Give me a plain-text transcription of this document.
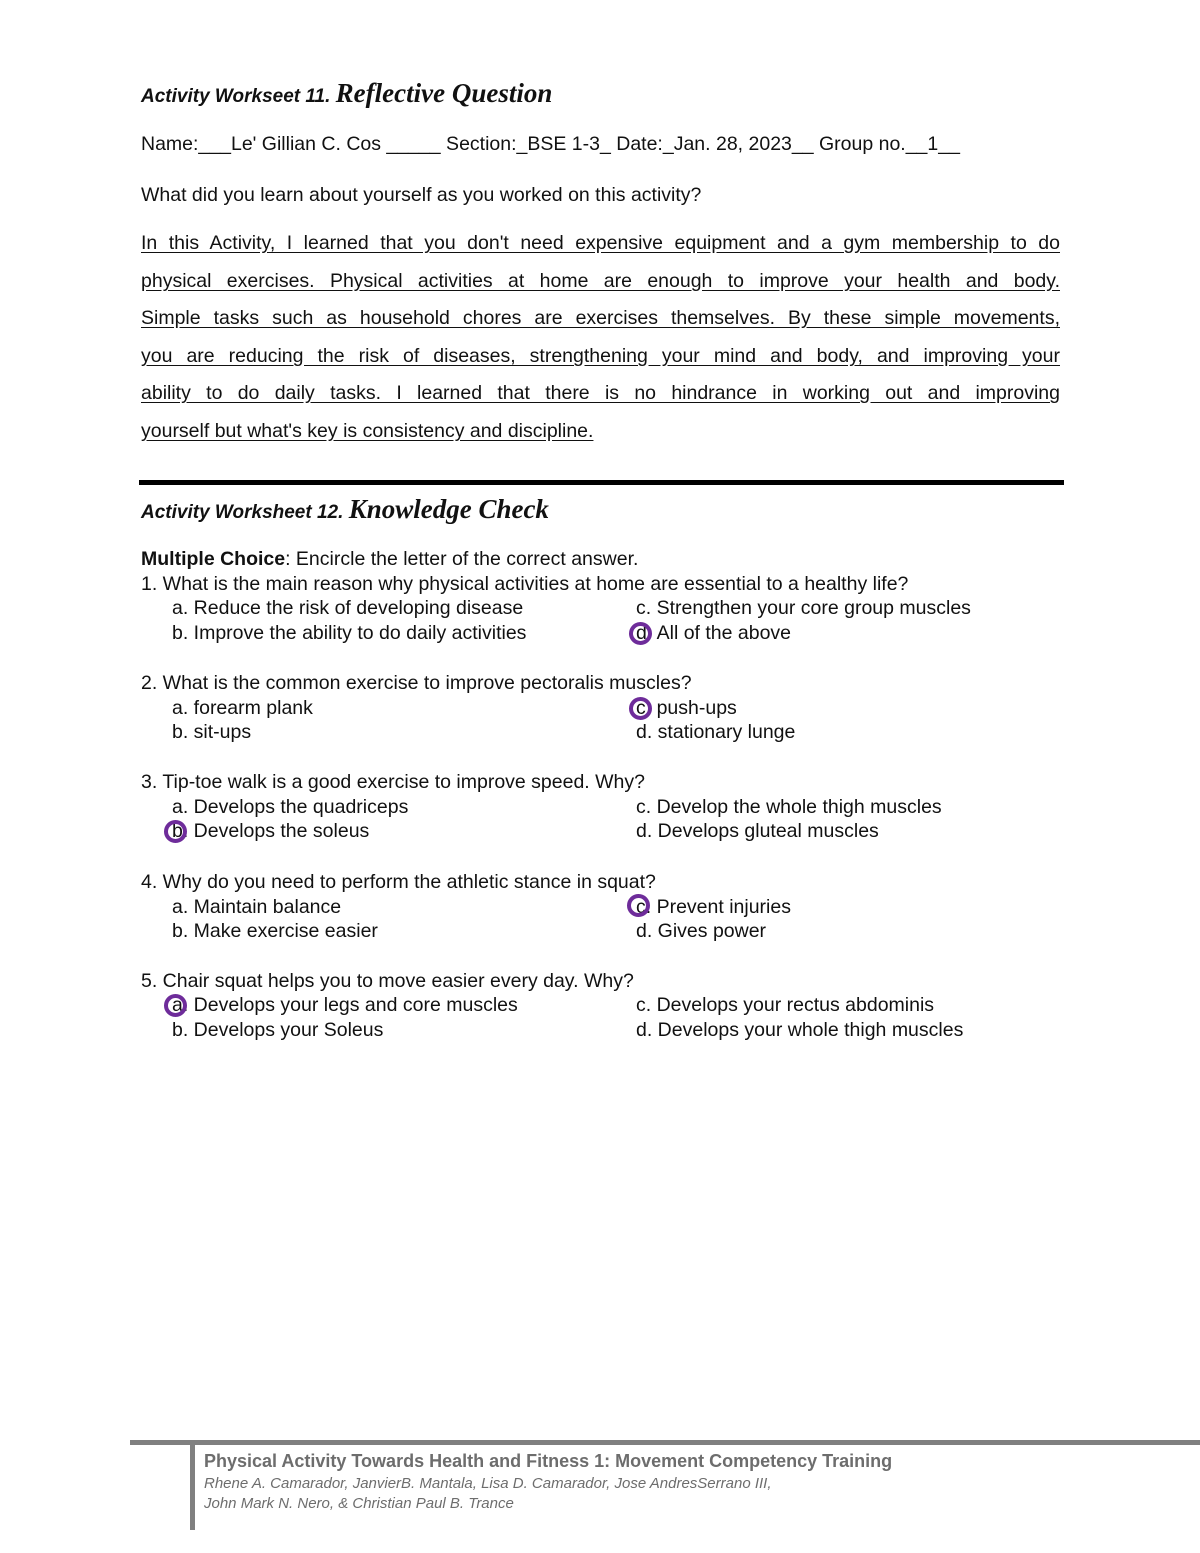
Activity Workseet 11. Reflective Question
Name:___Le' Gillian C. Cos _____ Section:_BSE 1-3_ Date:_Jan. 28, 2023__ Group no.__1__
What did you learn about yourself as you worked on this activity?
In this Activity, I learned that you don't need expensive equipment and a gym membership to do
physical exercises. Physical activities at home are enough to improve your health and body.
Simple tasks such as household chores are exercises themselves. By these simple movements,
you are reducing the risk of diseases, strengthening your mind and body, and improving your
ability to do daily tasks. I learned that there is no hindrance in working out and improving
yourself but what's key is consistency and discipline.
Activity Worksheet 12. Knowledge Check
Multiple Choice: Encircle the letter of the correct answer.
1. What is the main reason why physical activities at home are essential to a healthy life?
a. Reduce the risk of developing disease	c. Strengthen your core group muscles
b. Improve the ability to do daily activities	d. All of the above
2. What is the common exercise to improve pectoralis muscles?
a. forearm plank	c. push-ups
b. sit-ups	d. stationary lunge
3. Tip-toe walk is a good exercise to improve speed. Why?
a. Develops the quadriceps	c. Develop the whole thigh muscles
b. Develops the soleus	d. Develops gluteal muscles
4. Why do you need to perform the athletic stance in squat?
a. Maintain balance	c. Prevent injuries
b. Make exercise easier	d. Gives power
5. Chair squat helps you to move easier every day. Why?
a. Develops your legs and core muscles	c. Develops your rectus abdominis
b. Develops your Soleus	d. Develops your whole thigh muscles
Physical Activity Towards Health and Fitness 1: Movement Competency Training
Rhene A. Camarador, JanvierB. Mantala, Lisa D. Camarador, Jose AndresSerrano III,
John Mark N. Nero, & Christian Paul B. Trance
